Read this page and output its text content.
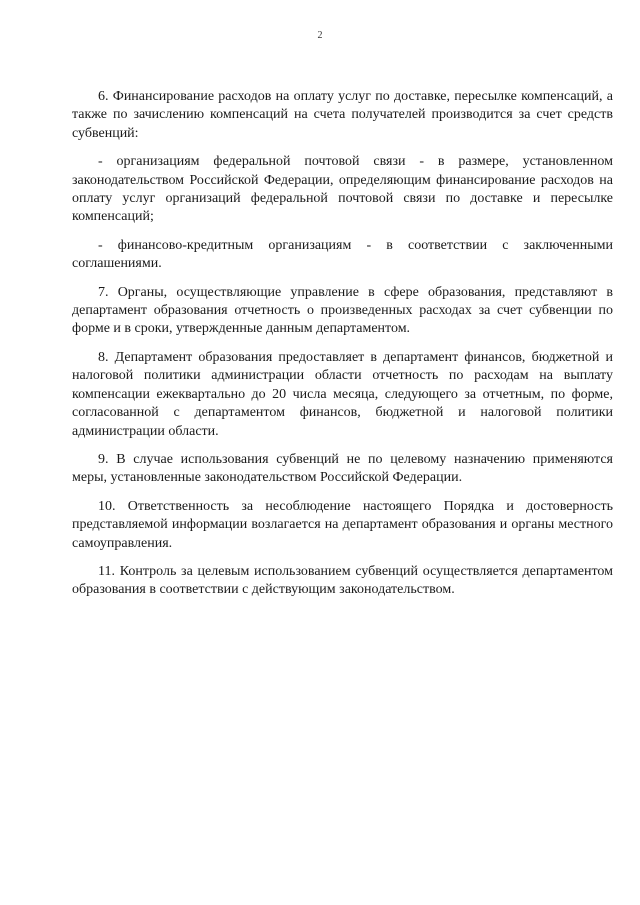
2

6. Финансирование расходов на оплату услуг по доставке, пересылке компенсаций, а также по зачислению компенсаций на счета получателей производится за счет средств субвенций:

- организациям федеральной почтовой связи - в размере, установленном законодательством Российской Федерации, определяющим финансирование расходов на оплату услуг организаций федеральной почтовой связи по доставке и пересылке компенсаций;

- финансово-кредитным организациям - в соответствии с заключенными соглашениями.

7. Органы, осуществляющие управление в сфере образования, представляют в департамент образования отчетность о произведенных расходах за счет субвенции по форме и в сроки, утвержденные данным департаментом.

8. Департамент образования предоставляет в департамент финансов, бюджетной и налоговой политики администрации области отчетность по расходам на выплату компенсации ежеквартально до 20 числа месяца, следующего за отчетным, по форме, согласованной с департаментом финансов, бюджетной и налоговой политики администрации области.

9. В случае использования субвенций не по целевому назначению применяются меры, установленные законодательством Российской Федерации.

10. Ответственность за несоблюдение настоящего Порядка и достоверность представляемой информации возлагается на департамент образования и органы местного самоуправления.

11. Контроль за целевым использованием субвенций осуществляется департаментом образования в соответствии с действующим законодательством.
